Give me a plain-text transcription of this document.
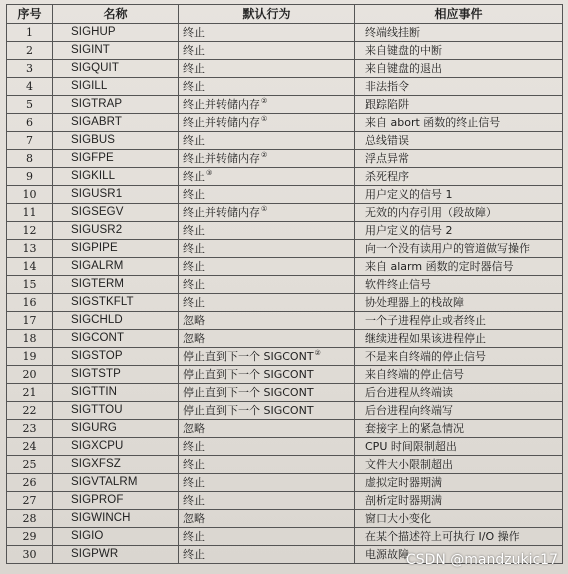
序号	名称	默认行为	相应事件
1	SIGHUP	终止	终端线挂断
2	SIGINT	终止	来自键盘的中断
3	SIGQUIT	终止	来自键盘的退出
4	SIGILL	终止	非法指令
5	SIGTRAP	终止并转储内存②	跟踪陷阱
6	SIGABRT	终止并转储内存①	来自 abort 函数的终止信号
7	SIGBUS	终止	总线错误
8	SIGFPE	终止并转储内存②	浮点异常
9	SIGKILL	终止③	杀死程序
10	SIGUSR1	终止	用户定义的信号 1
11	SIGSEGV	终止并转储内存①	无效的内存引用（段故障）
12	SIGUSR2	终止	用户定义的信号 2
13	SIGPIPE	终止	向一个没有读用户的管道做写操作
14	SIGALRM	终止	来自 alarm 函数的定时器信号
15	SIGTERM	终止	软件终止信号
16	SIGSTKFLT	终止	协处理器上的栈故障
17	SIGCHLD	忽略	一个子进程停止或者终止
18	SIGCONT	忽略	继续进程如果该进程停止
19	SIGSTOP	停止直到下一个 SIGCONT②	不是来自终端的停止信号
20	SIGTSTP	停止直到下一个 SIGCONT	来自终端的停止信号
21	SIGTTIN	停止直到下一个 SIGCONT	后台进程从终端读
22	SIGTTOU	停止直到下一个 SIGCONT	后台进程向终端写
23	SIGURG	忽略	套接字上的紧急情况
24	SIGXCPU	终止	CPU 时间限制超出
25	SIGXFSZ	终止	文件大小限制超出
26	SIGVTALRM	终止	虚拟定时器期满
27	SIGPROF	终止	剖析定时器期满
28	SIGWINCH	忽略	窗口大小变化
29	SIGIO	终止	在某个描述符上可执行 I/O 操作
30	SIGPWR	终止	电源故障
CSDN @mandzukic17
